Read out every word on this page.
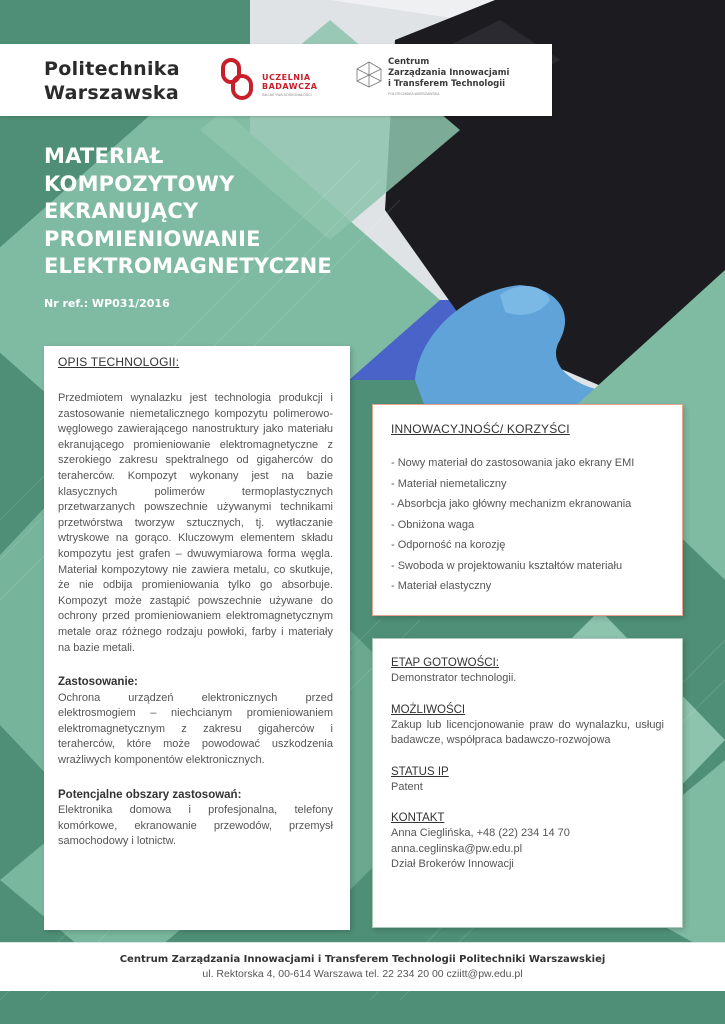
Politechnika
Warszawska
UCZELNIA
BADAWCZA
INICJATYWA DOSKONAŁOŚCI
Centrum
Zarządzania Innowacjami
i Transferem Technologii
POLITECHNIKA WARSZAWSKA
MATERIAŁ
KOMPOZYTOWY
EKRANUJĄCY
PROMIENIOWANIE
ELEKTROMAGNETYCZNE
Nr ref.: WP031/2016

OPIS TECHNOLOGII:

Przedmiotem wynalazku jest technologia produkcji i zastosowanie niemetalicznego kompozytu polimerowo-węglowego zawierającego nanostruktury jako materiału ekranującego promieniowanie elektromagnetyczne z szerokiego zakresu spektralnego od gigaherców do teraherców. Kompozyt wykonany jest na bazie klasycznych polimerów termoplastycznych przetwarzanych powszechnie używanymi technikami przetwórstwa tworzyw sztucznych, tj. wytłaczanie wtryskowe na gorąco. Kluczowym elementem składu kompozytu jest grafen – dwuwymiarowa forma węgla. Materiał kompozytowy nie zawiera metalu, co skutkuje, że nie odbija promieniowania tylko go absorbuje. Kompozyt może zastąpić powszechnie używane do ochrony przed promieniowaniem elektromagnetycznym metale oraz różnego rodzaju powłoki, farby i materiały na bazie metali.

Zastosowanie:

Ochrona urządzeń elektronicznych przed elektrosmogiem – niechcianym promieniowaniem elektromagnetycznym z zakresu gigaherców i teraherców, które może powodować uszkodzenia wrażliwych komponentów elektronicznych.

Potencjalne obszary zastosowań:

Elektronika domowa i profesjonalna, telefony komórkowe, ekranowanie przewodów, przemysł samochodowy i lotnictw.

INNOWACYJNOŚĆ/ KORZYŚCI

- Nowy materiał do zastosowania jako ekrany EMI
- Materiał niemetaliczny
- Absorbcja jako główny mechanizm ekranowania
- Obniżona waga
- Odporność na korozję
- Swoboda w projektowaniu kształtów materiału
- Materiał elastyczny

ETAP GOTOWOŚCI:

Demonstrator technologii.

MOŻLIWOŚCI

Zakup lub licencjonowanie praw do wynalazku, usługi badawcze, współpraca badawczo-rozwojowa

STATUS IP

Patent

KONTAKT

Anna Cieglińska, +48 (22) 234 14 70

anna.ceglinska@pw.edu.pl

Dział Brokerów Innowacji

Centrum Zarządzania Innowacjami i Transferem Technologii Politechniki Warszawskiej

ul. Rektorska 4, 00-614 Warszawa tel. 22 234 20 00 cziitt@pw.edu.pl
